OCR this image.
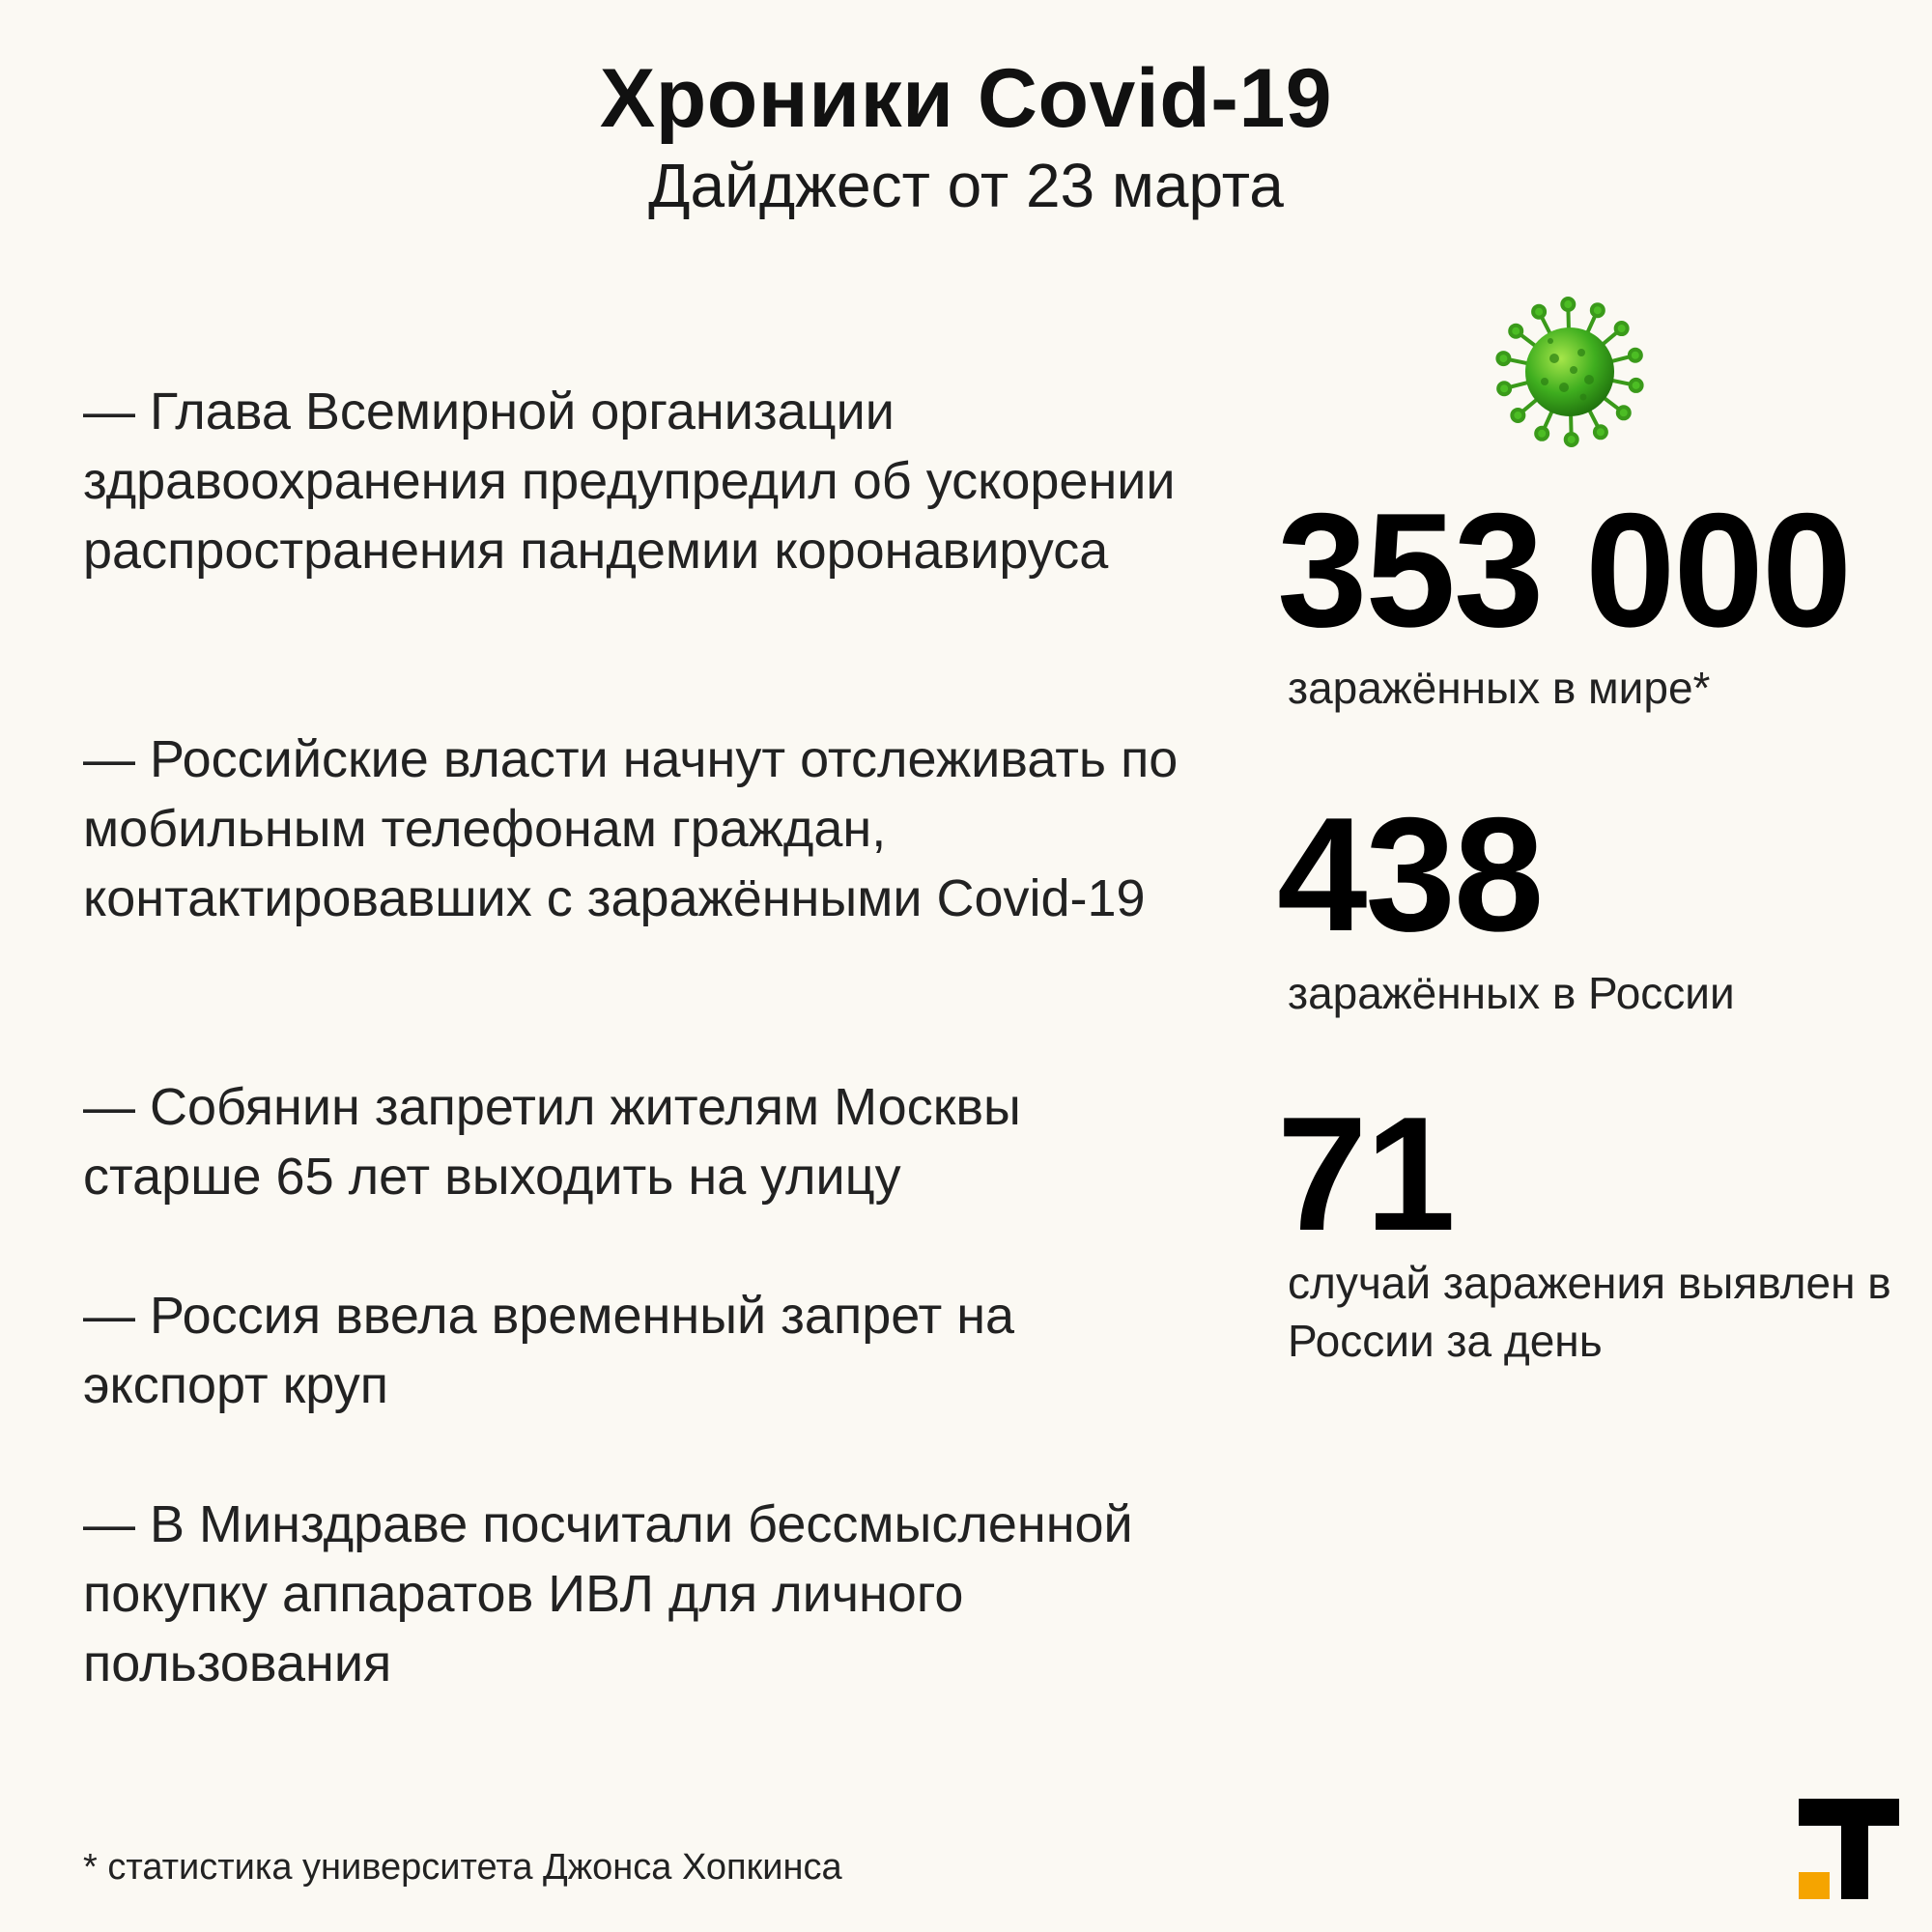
Хроники Covid-19
Дайджест от 23 марта

— Глава Всемирной организации здравоохранения предупредил об ускорении распространения пандемии коронавируса

— Российские власти начнут отслеживать по мобильным телефонам граждан, контактировавших с заражёнными Covid-19

— Собянин запретил жителям Москвы старше 65 лет выходить на улицу

— Россия ввела временный запрет на экспорт круп

— В Минздраве посчитали бессмысленной покупку аппаратов ИВЛ для личного пользования

353 000
заражённых в мире*
438
заражённых в России
71
случай заражения выявлен в России за день
* статистика университета Джонса Хопкинса
